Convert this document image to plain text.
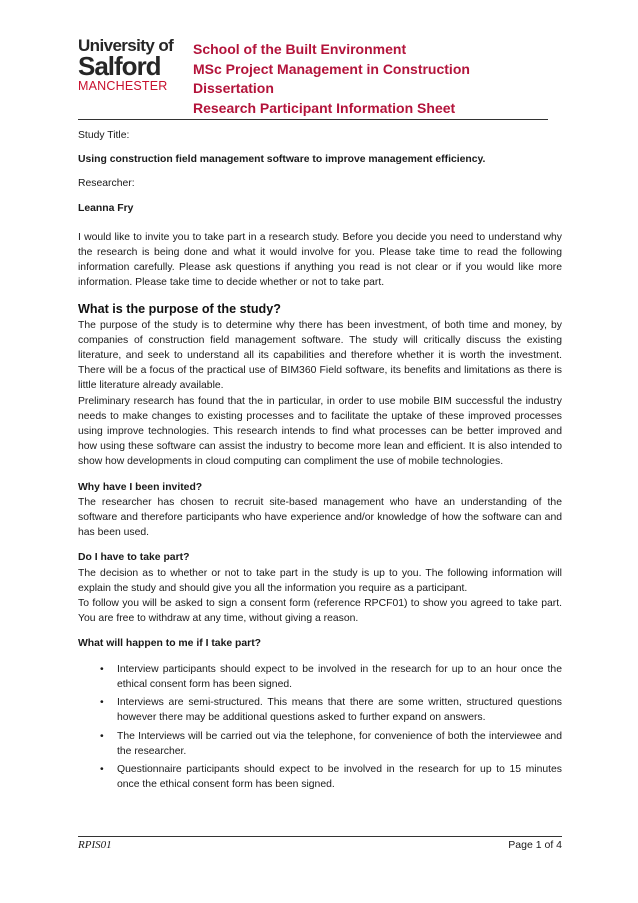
University of
Salford
MANCHESTER
School of the Built Environment
MSc Project Management in Construction
Dissertation
Research Participant Information Sheet

Study Title:

Using construction field management software to improve management efficiency.

Researcher:

Leanna Fry

I would like to invite you to take part in a research study. Before you decide you need to understand why the research is being done and what it would involve for you. Please take time to read the following information carefully. Please ask questions if anything you read is not clear or if you would like more information. Please take time to decide whether or not to take part.

What is the purpose of the study?

The purpose of the study is to determine why there has been investment, of both time and money, by companies of construction field management software. The study will critically discuss the existing literature, and seek to understand all its capabilities and therefore whether it is worth the investment. There will be a focus of the practical use of BIM360 Field software, its benefits and limitations as there is little literature already available.

Preliminary research has found that the in particular, in order to use mobile BIM successful the industry needs to make changes to existing processes and to facilitate the uptake of these improved processes using improve technologies. This research intends to find what processes can be better improved and how using these software can assist the industry to become more lean and efficient. It is also intended to show how developments in cloud computing can compliment the use of mobile technologies.

Why have I been invited?

The researcher has chosen to recruit site-based management who have an understanding of the software and therefore participants who have experience and/or knowledge of how the software can and has been used.

Do I have to take part?

The decision as to whether or not to take part in the study is up to you. The following information will explain the study and should give you all the information you require as a participant.

To follow you will be asked to sign a consent form (reference RPCF01) to show you agreed to take part. You are free to withdraw at any time, without giving a reason.

What will happen to me if I take part?

• Interview participants should expect to be involved in the research for up to an hour once the ethical consent form has been signed.
• Interviews are semi-structured. This means that there are some written, structured questions however there may be additional questions asked to further expand on answers.
• The Interviews will be carried out via the telephone, for convenience of both the interviewee and the researcher.
• Questionnaire participants should expect to be involved in the research for up to 15 minutes once the ethical consent form has been signed.
RPIS01	Page 1 of 4
